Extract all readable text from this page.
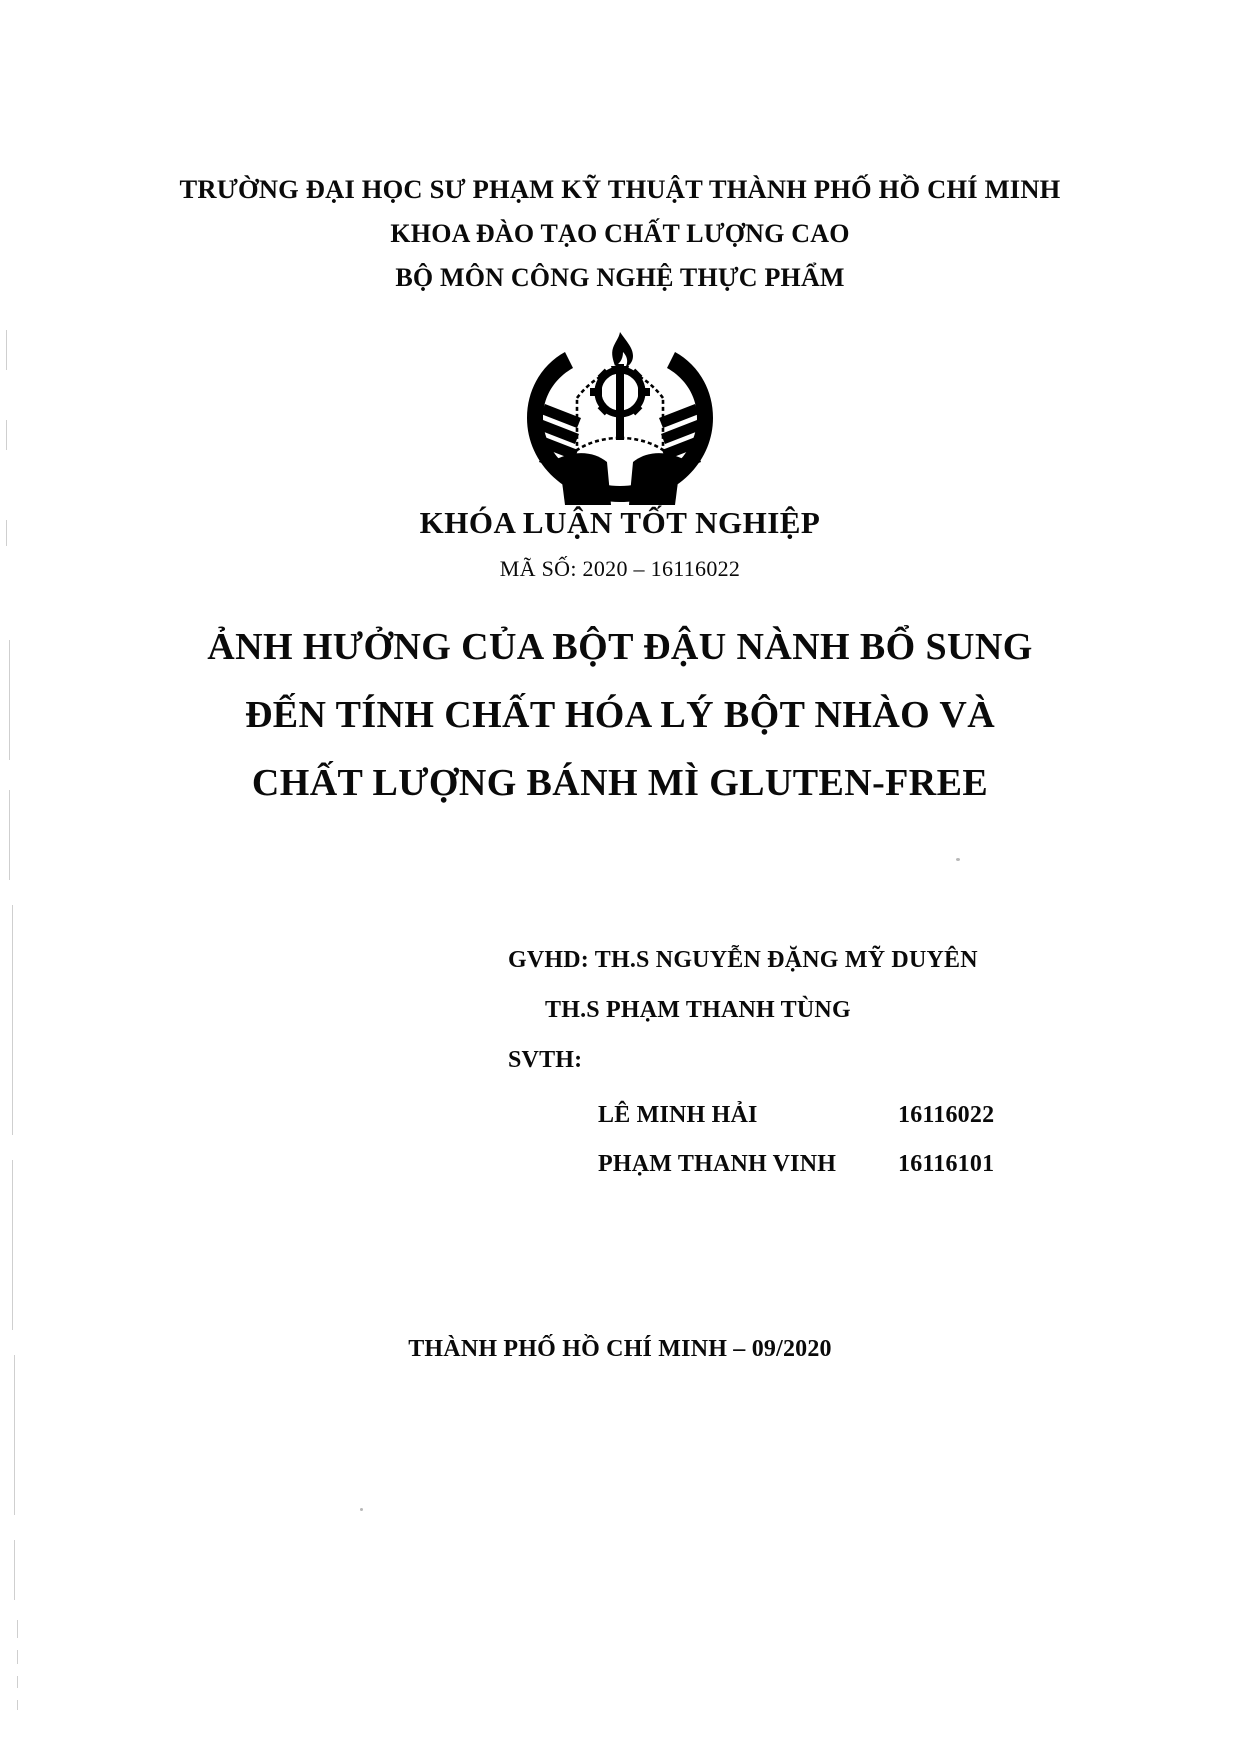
TRƯỜNG ĐẠI HỌC SƯ PHẠM KỸ THUẬT THÀNH PHỐ HỒ CHÍ MINH
KHOA ĐÀO TẠO CHẤT LƯỢNG CAO
BỘ MÔN CÔNG NGHỆ THỰC PHẨM
KHÓA LUẬN TỐT NGHIỆP
MÃ SỐ: 2020 – 16116022
ẢNH HƯỞNG CỦA BỘT ĐẬU NÀNH BỔ SUNG
ĐẾN TÍNH CHẤT HÓA LÝ BỘT NHÀO VÀ
CHẤT LƯỢNG BÁNH MÌ GLUTEN-FREE
GVHD: TH.S NGUYỄN ĐẶNG MỸ DUYÊN
TH.S PHẠM THANH TÙNG
SVTH:
LÊ MINH HẢI	16116022
PHẠM THANH VINH	16116101
THÀNH PHỐ HỒ CHÍ MINH – 09/2020
